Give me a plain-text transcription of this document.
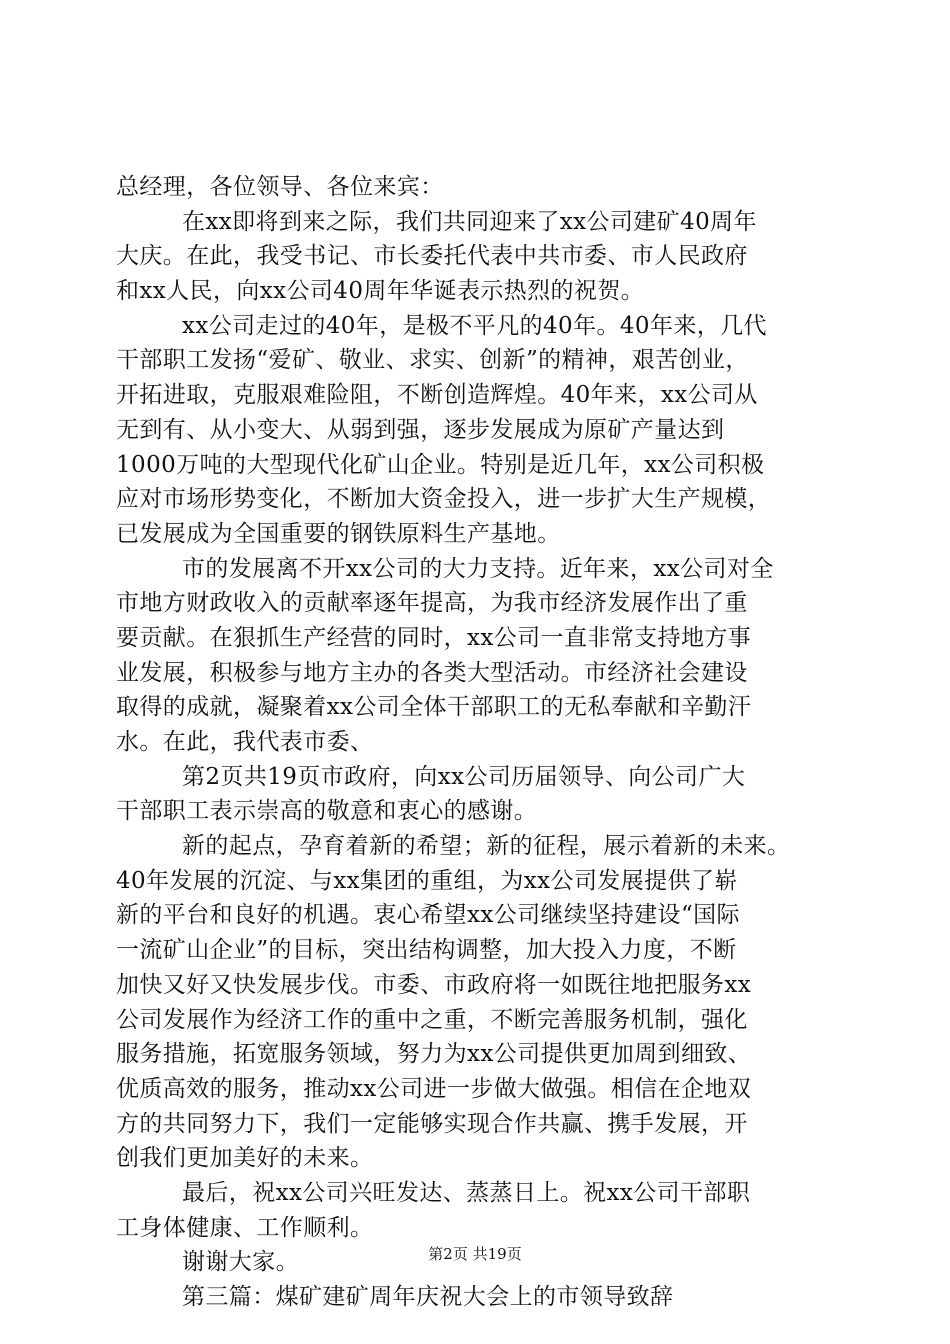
总经理，各位领导、各位来宾：
在xx即将到来之际，我们共同迎来了xx公司建矿40周年
大庆。在此，我受书记、市长委托代表中共市委、市人民政府
和xx人民，向xx公司40周年华诞表示热烈的祝贺。
xx公司走过的40年，是极不平凡的40年。40年来，几代
干部职工发扬“爱矿、敬业、求实、创新”的精神，艰苦创业，
开拓进取，克服艰难险阻，不断创造辉煌。40年来，xx公司从
无到有、从小变大、从弱到强，逐步发展成为原矿产量达到
1000万吨的大型现代化矿山企业。特别是近几年，xx公司积极
应对市场形势变化，不断加大资金投入，进一步扩大生产规模，
已发展成为全国重要的钢铁原料生产基地。
市的发展离不开xx公司的大力支持。近年来，xx公司对全
市地方财政收入的贡献率逐年提高，为我市经济发展作出了重
要贡献。在狠抓生产经营的同时，xx公司一直非常支持地方事
业发展，积极参与地方主办的各类大型活动。市经济社会建设
取得的成就，凝聚着xx公司全体干部职工的无私奉献和辛勤汗
水。在此，我代表市委、
第2页共19页市政府，向xx公司历届领导、向公司广大
干部职工表示崇高的敬意和衷心的感谢。
新的起点，孕育着新的希望；新的征程，展示着新的未来。
40年发展的沉淀、与xx集团的重组，为xx公司发展提供了崭
新的平台和良好的机遇。衷心希望xx公司继续坚持建设“国际
一流矿山企业”的目标，突出结构调整，加大投入力度，不断
加快又好又快发展步伐。市委、市政府将一如既往地把服务xx
公司发展作为经济工作的重中之重，不断完善服务机制，强化
服务措施，拓宽服务领域，努力为xx公司提供更加周到细致、
优质高效的服务，推动xx公司进一步做大做强。相信在企地双
方的共同努力下，我们一定能够实现合作共赢、携手发展，开
创我们更加美好的未来。
最后，祝xx公司兴旺发达、蒸蒸日上。祝xx公司干部职
工身体健康、工作顺利。
谢谢大家。
第三篇：煤矿建矿周年庆祝大会上的市领导致辞
第2页 共19页
